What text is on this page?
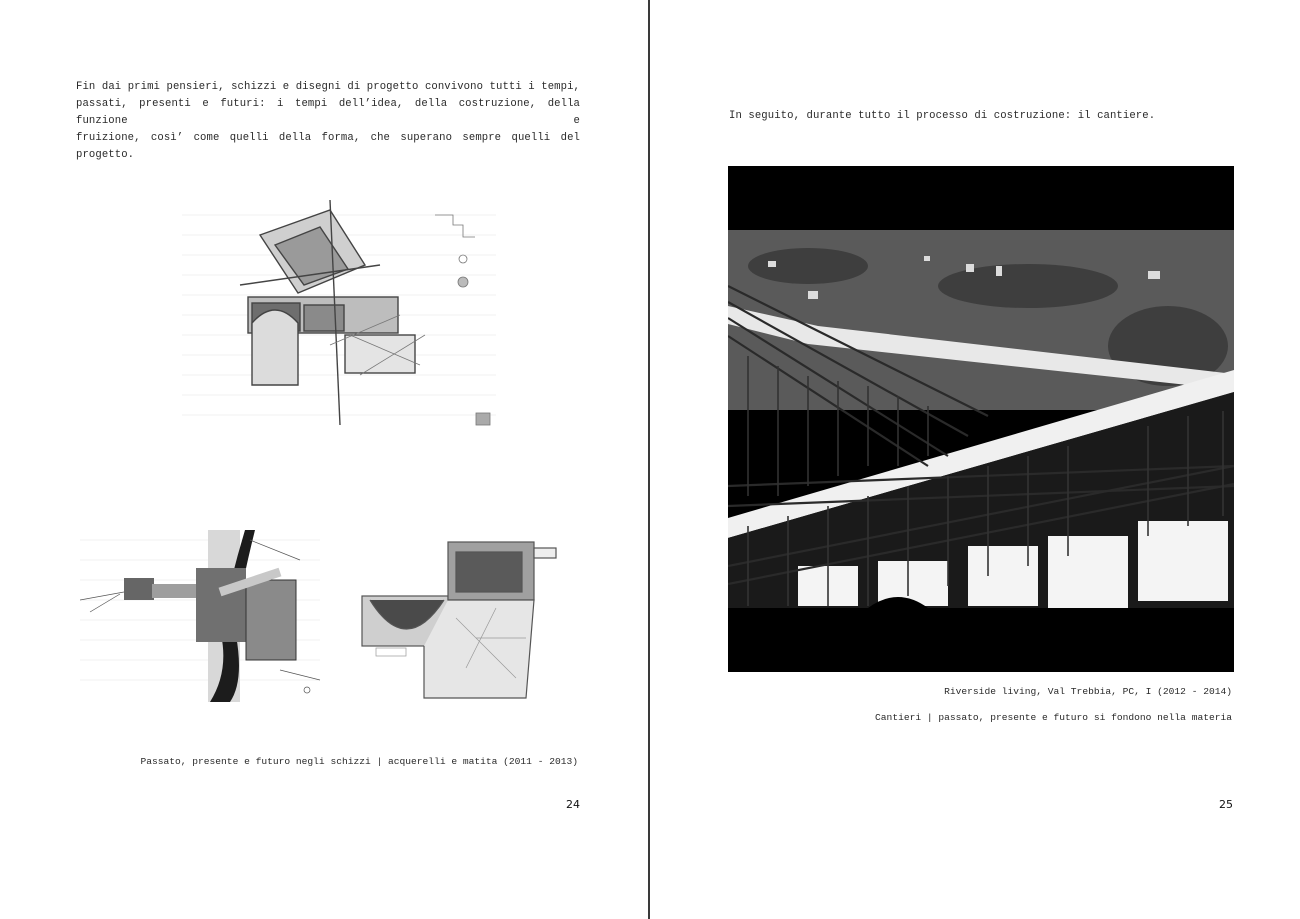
Fin dai primi pensieri, schizzi e disegni di progetto convivono tutti i tempi,
passati, presenti e futuri: i tempi dell’idea, della costruzione, della funzione e
fruizione, così’ come quelli della forma, che superano sempre quelli del progetto.

Passato, presente e futuro negli schizzi | acquerelli e matita (2011 - 2013)

24

In seguito, durante tutto il processo di costruzione: il cantiere.

Riverside living, Val Trebbia, PC, I (2012 - 2014)

Cantieri | passato, presente e futuro si fondono nella materia

25
